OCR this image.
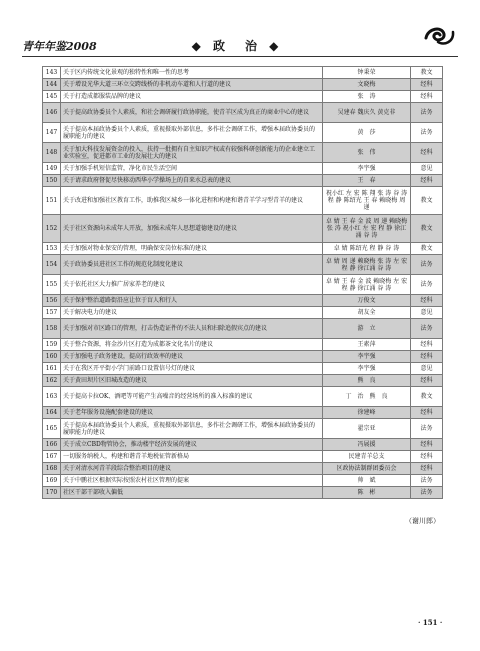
青年年鉴2008	◆ 政　治 ◆
143	关于区内传统文化景观的独特性和唯一性的思考	钟秉荣	教文
144	关于增设光华大道三环立交跨线桥的非机动车道和人行道的建议	文晓梅	经科
145	关于打造成都服装品牌的建议	张　涛	经科
146	关于提高政协委员个人素质，和社会调研履行政协职能，使青羊区成为真正的商业中心的建议	吴建春 魏庆久 黄克非	法务
147	关于提高本届政协委员个人素质，重视摄取外部信息，多作社会调研工作，增强本届政协委员的履职能力的建议	黄　莎	法务
148	关于加大科技发展资金的投入，扶持一批拥有自主知识产权或有较强科研创新能力的企业建立工业实验室，促进都市工业的发展壮大的建议	张　伟	经科
149	关于加强手机短信监管，净化市民生活空间	李宇强	意见
150	关于请求政府督促尽快移动西华小学操场上的自来水总表的建议	王　春	经科
151	关于改进和加强社区教育工作，助推我区城乡一体化进程和构建和谐青羊学习型青羊的建议	祝小红 左 宏 陈 翔 张 涛 谷 涛 程 静 陈绍光 王 春 赖晓梅 周 递	教文
152	关于社区资源向未成年人开放，加强未成年人思想道德建设的建议	卓 婧 王 春 金 波 周 递 赖晓梅 张 涛 祝小红 左 宏 程 静 徐江涌 谷 涛	教文
153	关于加强对物业保安的管理，明确保安岗位标准的建议	卓 婧 陈绍光 程 静 谷 涛	教文
154	关于政协委员进社区工作的规范化制度化建议	卓 婧 周 递 赖晓梅 张 涛 左 宏 程 静 徐江涌 谷 涛	法务
155	关于依托社区大力推广居家养老的建议	卓 婧 王 春 金 波 赖晓梅 左 宏 程 静 徐江涌 谷 涛	法务
156	关于保护整治道路街沿应让位于盲人和行人	万俊文	经科
157	关于解决电力的建议	胡友全	意见
158	关于加强对市区路口的管理，打击伪造证件的不法人员和扫除追假宾点的建议	游　立	法务
159	关于整合资源，将金沙片区打造为成都茶文化名片的建议	王素萍	经科
160	关于加强电子政务建设，提高行政效率的建议	李宇强	经科
161	关于在我区开平街小学门前路口设置信号灯的建议	李宇强	意见
162	关于黄田坝片区旧城改造的建议	熊　良	经科
163	关于提高卡拉OK、酒吧等可能产生高噪音的经营场所的准入标准的建议	丁　治　熊　良	教文
164	关于老年服务设施配套建设的建议	徐建峰	经科
165	关于提高本届政协委员个人素质，重视摄取外部信息，多作社会调研工作，增强本届政协委员的履职能力的建议	翟宗亚	法务
166	关于成立CBD物管协会，推动楼宇经济发展的建议	冯展援	经科
167	一切服务纳税人，构建和谐青羊地税征管新格局	民建青羊总支	经科
168	关于对清水河青羊段综合整治项目的建议	区政协法制群团委员会	经科
169	关于中鹏社区根据实际按照农村社区管理的提案	帅　斌	法务
170	社区干部干部收入偏低	陈　彬	法务
（谢川郎）
· 151 ·
